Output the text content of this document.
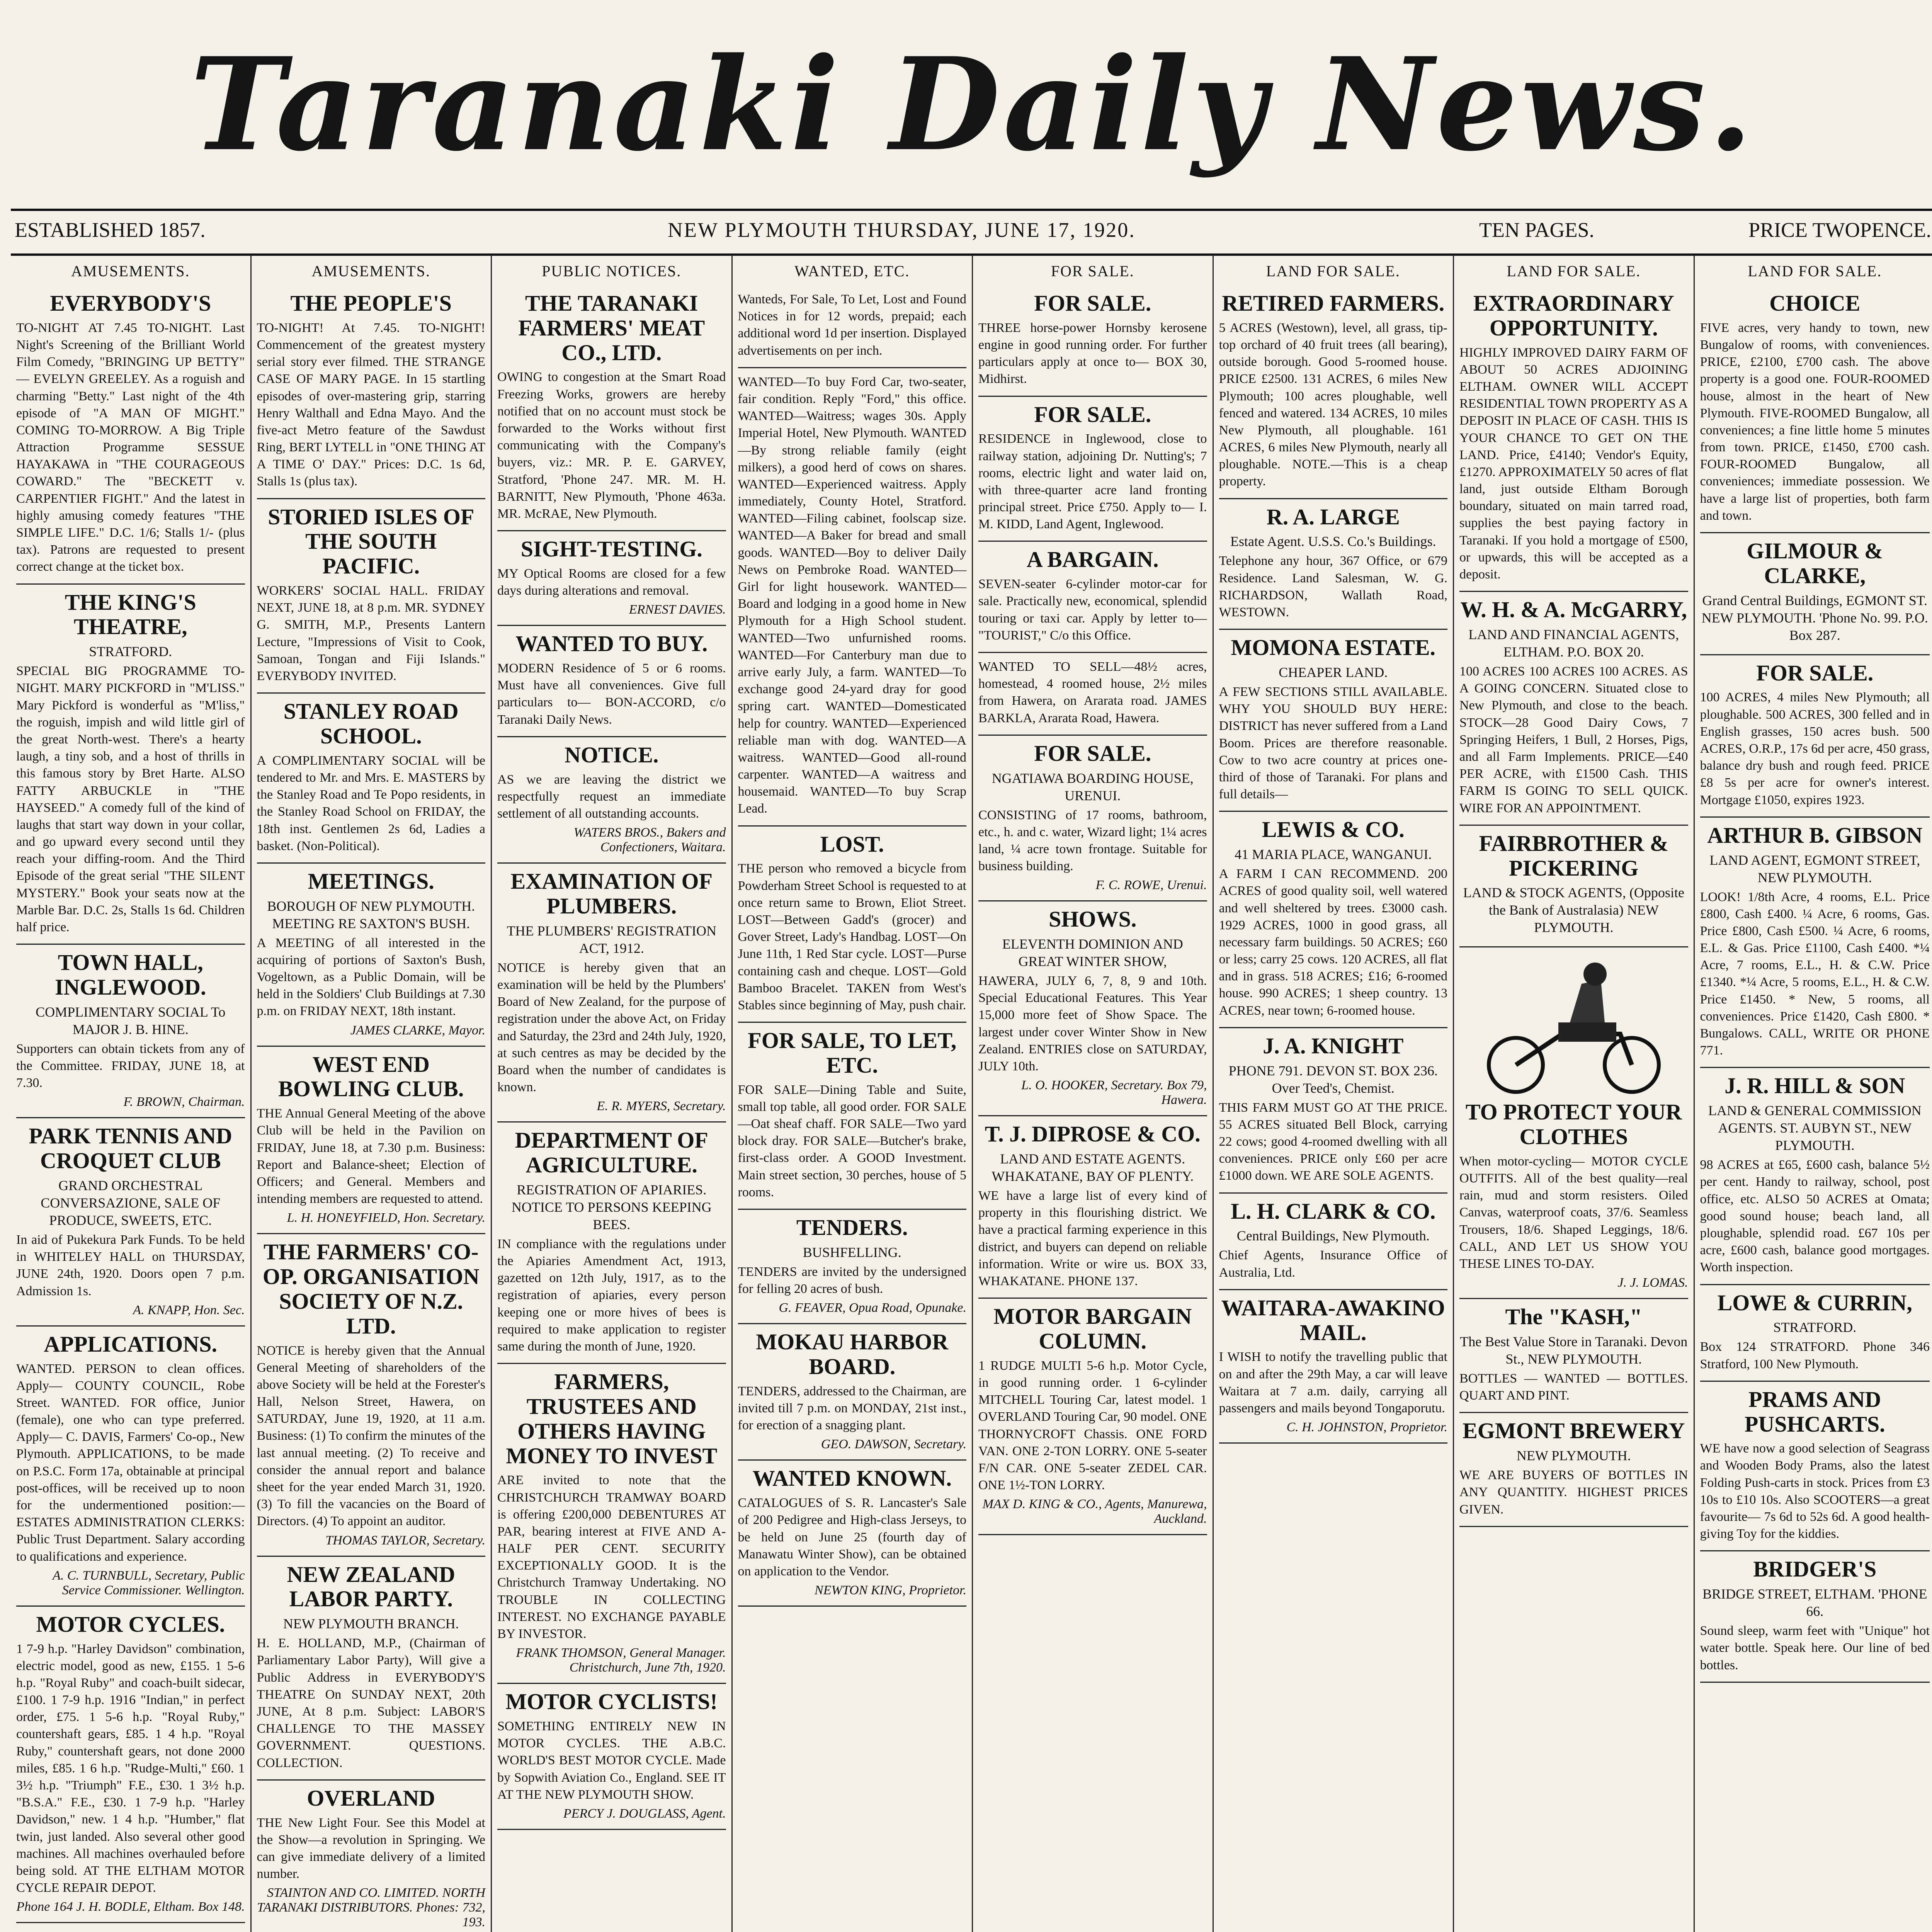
Taranaki Daily News.
ESTABLISHED 1857.	NEW PLYMOUTH THURSDAY, JUNE 17, 1920.	TEN PAGES.	PRICE TWOPENCE.
AMUSEMENTS.
EVERYBODY'S
TO-NIGHT AT 7.45 TO-NIGHT. Last Night's Screening of the Brilliant World Film Comedy, "BRINGING UP BETTY" — EVELYN GREELEY. As a roguish and charming "Betty." Last night of the 4th episode of "A MAN OF MIGHT." COMING TO-MORROW. A Big Triple Attraction Programme SESSUE HAYAKAWA in "THE COURAGEOUS COWARD." The "BECKETT v. CARPENTIER FIGHT." And the latest in highly amusing comedy features "THE SIMPLE LIFE." D.C. 1/6; Stalls 1/- (plus tax). Patrons are requested to present correct change at the ticket box.
THE KING'S THEATRE,
STRATFORD.
SPECIAL BIG PROGRAMME TO-NIGHT. MARY PICKFORD in "M'LISS." Mary Pickford is wonderful as "M'liss," the roguish, impish and wild little girl of the great North-west. There's a hearty laugh, a tiny sob, and a host of thrills in this famous story by Bret Harte. ALSO FATTY ARBUCKLE in "THE HAYSEED." A comedy full of the kind of laughs that start way down in your collar, and go upward every second until they reach your diffing-room. And the Third Episode of the great serial "THE SILENT MYSTERY." Book your seats now at the Marble Bar. D.C. 2s, Stalls 1s 6d. Children half price.
TOWN HALL, INGLEWOOD.
COMPLIMENTARY SOCIAL To MAJOR J. B. HINE.
Supporters can obtain tickets from any of the Committee. FRIDAY, JUNE 18, at 7.30.
F. BROWN, Chairman.
PARK TENNIS AND CROQUET CLUB
GRAND ORCHESTRAL CONVERSAZIONE, SALE OF PRODUCE, SWEETS, ETC.
In aid of Pukekura Park Funds. To be held in WHITELEY HALL on THURSDAY, JUNE 24th, 1920. Doors open 7 p.m. Admission 1s.
A. KNAPP, Hon. Sec.
APPLICATIONS.
WANTED. PERSON to clean offices. Apply— COUNTY COUNCIL, Robe Street. WANTED. FOR office, Junior (female), one who can type preferred. Apply— C. DAVIS, Farmers' Co-op., New Plymouth. APPLICATIONS, to be made on P.S.C. Form 17a, obtainable at principal post-offices, will be received up to noon for the undermentioned position:— ESTATES ADMINISTRATION CLERKS: Public Trust Department. Salary according to qualifications and experience.
A. C. TURNBULL, Secretary, Public Service Commissioner. Wellington.
MOTOR CYCLES.
1 7-9 h.p. "Harley Davidson" combination, electric model, good as new, £155. 1 5-6 h.p. "Royal Ruby" and coach-built sidecar, £100. 1 7-9 h.p. 1916 "Indian," in perfect order, £75. 1 5-6 h.p. "Royal Ruby," countershaft gears, £85. 1 4 h.p. "Royal Ruby," countershaft gears, not done 2000 miles, £85. 1 6 h.p. "Rudge-Multi," £60. 1 3½ h.p. "Triumph" F.E., £30. 1 3½ h.p. "B.S.A." F.E., £30. 1 7-9 h.p. "Harley Davidson," new. 1 4 h.p. "Humber," flat twin, just landed. Also several other good machines. All machines overhauled before being sold. AT THE ELTHAM MOTOR CYCLE REPAIR DEPOT.
Phone 164 J. H. BODLE, Eltham. Box 148.
AMUSEMENTS.
THE PEOPLE'S
TO-NIGHT! At 7.45. TO-NIGHT! Commencement of the greatest mystery serial story ever filmed. THE STRANGE CASE OF MARY PAGE. In 15 startling episodes of over-mastering grip, starring Henry Walthall and Edna Mayo. And the five-act Metro feature of the Sawdust Ring, BERT LYTELL in "ONE THING AT A TIME O' DAY." Prices: D.C. 1s 6d, Stalls 1s (plus tax).
STORIED ISLES OF THE SOUTH PACIFIC.
WORKERS' SOCIAL HALL. FRIDAY NEXT, JUNE 18, at 8 p.m. MR. SYDNEY G. SMITH, M.P., Presents Lantern Lecture, "Impressions of Visit to Cook, Samoan, Tongan and Fiji Islands." EVERYBODY INVITED.
STANLEY ROAD SCHOOL.
A COMPLIMENTARY SOCIAL will be tendered to Mr. and Mrs. E. MASTERS by the Stanley Road and Te Popo residents, in the Stanley Road School on FRIDAY, the 18th inst. Gentlemen 2s 6d, Ladies a basket. (Non-Political).
MEETINGS.
BOROUGH OF NEW PLYMOUTH. MEETING RE SAXTON'S BUSH.
A MEETING of all interested in the acquiring of portions of Saxton's Bush, Vogeltown, as a Public Domain, will be held in the Soldiers' Club Buildings at 7.30 p.m. on FRIDAY NEXT, 18th instant.
JAMES CLARKE, Mayor.
WEST END BOWLING CLUB.
THE Annual General Meeting of the above Club will be held in the Pavilion on FRIDAY, June 18, at 7.30 p.m. Business: Report and Balance-sheet; Election of Officers; and General. Members and intending members are requested to attend.
L. H. HONEYFIELD, Hon. Secretary.
THE FARMERS' CO-OP. ORGANISATION SOCIETY OF N.Z. LTD.
NOTICE is hereby given that the Annual General Meeting of shareholders of the above Society will be held at the Forester's Hall, Nelson Street, Hawera, on SATURDAY, June 19, 1920, at 11 a.m. Business: (1) To confirm the minutes of the last annual meeting. (2) To receive and consider the annual report and balance sheet for the year ended March 31, 1920. (3) To fill the vacancies on the Board of Directors. (4) To appoint an auditor.
THOMAS TAYLOR, Secretary.
NEW ZEALAND LABOR PARTY.
NEW PLYMOUTH BRANCH.
H. E. HOLLAND, M.P., (Chairman of Parliamentary Labor Party), Will give a Public Address in EVERYBODY'S THEATRE On SUNDAY NEXT, 20th JUNE, At 8 p.m. Subject: LABOR'S CHALLENGE TO THE MASSEY GOVERNMENT. QUESTIONS. COLLECTION.
OVERLAND
THE New Light Four. See this Model at the Show—a revolution in Springing. We can give immediate delivery of a limited number.
STAINTON AND CO. LIMITED. NORTH TARANAKI DISTRIBUTORS. Phones: 732, 193.
PUBLIC NOTICES.
THE TARANAKI FARMERS' MEAT CO., LTD.
OWING to congestion at the Smart Road Freezing Works, growers are hereby notified that on no account must stock be forwarded to the Works without first communicating with the Company's buyers, viz.: MR. P. E. GARVEY, Stratford, 'Phone 247. MR. M. H. BARNITT, New Plymouth, 'Phone 463a. MR. McRAE, New Plymouth.
SIGHT-TESTING.
MY Optical Rooms are closed for a few days during alterations and removal.
ERNEST DAVIES.
WANTED TO BUY.
MODERN Residence of 5 or 6 rooms. Must have all conveniences. Give full particulars to— BON-ACCORD, c/o Taranaki Daily News.
NOTICE.
AS we are leaving the district we respectfully request an immediate settlement of all outstanding accounts.
WATERS BROS., Bakers and Confectioners, Waitara.
EXAMINATION OF PLUMBERS.
THE PLUMBERS' REGISTRATION ACT, 1912.
NOTICE is hereby given that an examination will be held by the Plumbers' Board of New Zealand, for the purpose of registration under the above Act, on Friday and Saturday, the 23rd and 24th July, 1920, at such centres as may be decided by the Board when the number of candidates is known.
E. R. MYERS, Secretary.
DEPARTMENT OF AGRICULTURE.
REGISTRATION OF APIARIES. NOTICE TO PERSONS KEEPING BEES.
IN compliance with the regulations under the Apiaries Amendment Act, 1913, gazetted on 12th July, 1917, as to the registration of apiaries, every person keeping one or more hives of bees is required to make application to register same during the month of June, 1920.
FARMERS, TRUSTEES AND OTHERS HAVING MONEY TO INVEST
ARE invited to note that the CHRISTCHURCH TRAMWAY BOARD is offering £200,000 DEBENTURES AT PAR, bearing interest at FIVE AND A-HALF PER CENT. SECURITY EXCEPTIONALLY GOOD. It is the Christchurch Tramway Undertaking. NO TROUBLE IN COLLECTING INTEREST. NO EXCHANGE PAYABLE BY INVESTOR.
FRANK THOMSON, General Manager. Christchurch, June 7th, 1920.
MOTOR CYCLISTS!
SOMETHING ENTIRELY NEW IN MOTOR CYCLES. THE A.B.C. WORLD'S BEST MOTOR CYCLE. Made by Sopwith Aviation Co., England. SEE IT AT THE NEW PLYMOUTH SHOW.
PERCY J. DOUGLASS, Agent.
WANTED, ETC.
Wanteds, For Sale, To Let, Lost and Found Notices in for 12 words, prepaid; each additional word 1d per insertion. Displayed advertisements on per inch.
WANTED—To buy Ford Car, two-seater, fair condition. Reply "Ford," this office. WANTED—Waitress; wages 30s. Apply Imperial Hotel, New Plymouth. WANTED—By strong reliable family (eight milkers), a good herd of cows on shares. WANTED—Experienced waitress. Apply immediately, County Hotel, Stratford. WANTED—Filing cabinet, foolscap size. WANTED—A Baker for bread and small goods. WANTED—Boy to deliver Daily News on Pembroke Road. WANTED—Girl for light housework. WANTED—Board and lodging in a good home in New Plymouth for a High School student. WANTED—Two unfurnished rooms. WANTED—For Canterbury man due to arrive early July, a farm. WANTED—To exchange good 24-yard dray for good spring cart. WANTED—Domesticated help for country. WANTED—Experienced reliable man with dog. WANTED—A waitress. WANTED—Good all-round carpenter. WANTED—A waitress and housemaid. WANTED—To buy Scrap Lead.
LOST.
THE person who removed a bicycle from Powderham Street School is requested to at once return same to Brown, Eliot Street. LOST—Between Gadd's (grocer) and Gover Street, Lady's Handbag. LOST—On June 11th, 1 Red Star cycle. LOST—Purse containing cash and cheque. LOST—Gold Bamboo Bracelet. TAKEN from West's Stables since beginning of May, push chair.
FOR SALE, TO LET, ETC.
FOR SALE—Dining Table and Suite, small top table, all good order. FOR SALE—Oat sheaf chaff. FOR SALE—Two yard block dray. FOR SALE—Butcher's brake, first-class order. A GOOD Investment. Main street section, 30 perches, house of 5 rooms.
TENDERS.
BUSHFELLING.
TENDERS are invited by the undersigned for felling 20 acres of bush.
G. FEAVER, Opua Road, Opunake.
MOKAU HARBOR BOARD.
TENDERS, addressed to the Chairman, are invited till 7 p.m. on MONDAY, 21st inst., for erection of a snagging plant.
GEO. DAWSON, Secretary.
WANTED KNOWN.
CATALOGUES of S. R. Lancaster's Sale of 200 Pedigree and High-class Jerseys, to be held on June 25 (fourth day of Manawatu Winter Show), can be obtained on application to the Vendor.
NEWTON KING, Proprietor.
FOR SALE.
FOR SALE.
THREE horse-power Hornsby kerosene engine in good running order. For further particulars apply at once to— BOX 30, Midhirst.
FOR SALE.
RESIDENCE in Inglewood, close to railway station, adjoining Dr. Nutting's; 7 rooms, electric light and water laid on, with three-quarter acre land fronting principal street. Price £750. Apply to— I. M. KIDD, Land Agent, Inglewood.
A BARGAIN.
SEVEN-seater 6-cylinder motor-car for sale. Practically new, economical, splendid touring or taxi car. Apply by letter to— "TOURIST," C/o this Office.
WANTED TO SELL—48½ acres, homestead, 4 roomed house, 2½ miles from Hawera, on Ararata road. JAMES BARKLA, Ararata Road, Hawera.
FOR SALE.
NGATIAWA BOARDING HOUSE, URENUI.
CONSISTING of 17 rooms, bathroom, etc., h. and c. water, Wizard light; 1¼ acres land, ¼ acre town frontage. Suitable for business building.
F. C. ROWE, Urenui.
SHOWS.
ELEVENTH DOMINION AND GREAT WINTER SHOW,
HAWERA, JULY 6, 7, 8, 9 and 10th. Special Educational Features. This Year 15,000 more feet of Show Space. The largest under cover Winter Show in New Zealand. ENTRIES close on SATURDAY, JULY 10th.
L. O. HOOKER, Secretary. Box 79, Hawera.
T. J. DIPROSE & CO.
LAND AND ESTATE AGENTS. WHAKATANE, BAY OF PLENTY.
WE have a large list of every kind of property in this flourishing district. We have a practical farming experience in this district, and buyers can depend on reliable information. Write or wire us. BOX 33, WHAKATANE. PHONE 137.
MOTOR BARGAIN COLUMN.
1 RUDGE MULTI 5-6 h.p. Motor Cycle, in good running order. 1 6-cylinder MITCHELL Touring Car, latest model. 1 OVERLAND Touring Car, 90 model. ONE THORNYCROFT Chassis. ONE FORD VAN. ONE 2-TON LORRY. ONE 5-seater F/N CAR. ONE 5-seater ZEDEL CAR. ONE 1½-TON LORRY.
MAX D. KING & CO., Agents, Manurewa, Auckland.
LAND FOR SALE.
RETIRED FARMERS.
5 ACRES (Westown), level, all grass, tip-top orchard of 40 fruit trees (all bearing), outside borough. Good 5-roomed house. PRICE £2500. 131 ACRES, 6 miles New Plymouth; 100 acres ploughable, well fenced and watered. 134 ACRES, 10 miles New Plymouth, all ploughable. 161 ACRES, 6 miles New Plymouth, nearly all ploughable. NOTE.—This is a cheap property.
R. A. LARGE
Estate Agent. U.S.S. Co.'s Buildings.
Telephone any hour, 367 Office, or 679 Residence. Land Salesman, W. G. RICHARDSON, Wallath Road, WESTOWN.
MOMONA ESTATE.
CHEAPER LAND.
A FEW SECTIONS STILL AVAILABLE. WHY YOU SHOULD BUY HERE: DISTRICT has never suffered from a Land Boom. Prices are therefore reasonable. Cow to two acre country at prices one-third of those of Taranaki. For plans and full details—
LEWIS & CO.
41 MARIA PLACE, WANGANUI.
A FARM I CAN RECOMMEND. 200 ACRES of good quality soil, well watered and well sheltered by trees. £3000 cash. 1929 ACRES, 1000 in good grass, all necessary farm buildings. 50 ACRES; £60 or less; carry 25 cows. 120 ACRES, all flat and in grass. 518 ACRES; £16; 6-roomed house. 990 ACRES; 1 sheep country. 13 ACRES, near town; 6-roomed house.
J. A. KNIGHT
PHONE 791. DEVON ST. BOX 236. Over Teed's, Chemist.
THIS FARM MUST GO AT THE PRICE. 55 ACRES situated Bell Block, carrying 22 cows; good 4-roomed dwelling with all conveniences. PRICE only £60 per acre £1000 down. WE ARE SOLE AGENTS.
L. H. CLARK & CO.
Central Buildings, New Plymouth.
Chief Agents, Insurance Office of Australia, Ltd.
WAITARA-AWAKINO MAIL.
I WISH to notify the travelling public that on and after the 29th May, a car will leave Waitara at 7 a.m. daily, carrying all passengers and mails beyond Tongaporutu.
C. H. JOHNSTON, Proprietor.
LAND FOR SALE.
EXTRAORDINARY OPPORTUNITY.
HIGHLY IMPROVED DAIRY FARM OF ABOUT 50 ACRES ADJOINING ELTHAM. OWNER WILL ACCEPT RESIDENTIAL TOWN PROPERTY AS A DEPOSIT IN PLACE OF CASH. THIS IS YOUR CHANCE TO GET ON THE LAND. Price, £4140; Vendor's Equity, £1270. APPROXIMATELY 50 acres of flat land, just outside Eltham Borough boundary, situated on main tarred road, supplies the best paying factory in Taranaki. If you hold a mortgage of £500, or upwards, this will be accepted as a deposit.
W. H. & A. McGARRY,
LAND AND FINANCIAL AGENTS, ELTHAM. P.O. BOX 20.
100 ACRES 100 ACRES 100 ACRES. AS A GOING CONCERN. Situated close to New Plymouth, and close to the beach. STOCK—28 Good Dairy Cows, 7 Springing Heifers, 1 Bull, 2 Horses, Pigs, and all Farm Implements. PRICE—£40 PER ACRE, with £1500 Cash. THIS FARM IS GOING TO SELL QUICK. WIRE FOR AN APPOINTMENT.
FAIRBROTHER & PICKERING
LAND & STOCK AGENTS, (Opposite the Bank of Australasia) NEW PLYMOUTH.
TO PROTECT YOUR CLOTHES
When motor-cycling— MOTOR CYCLE OUTFITS. All of the best quality—real rain, mud and storm resisters. Oiled Canvas, waterproof coats, 37/6. Seamless Trousers, 18/6. Shaped Leggings, 18/6. CALL, AND LET US SHOW YOU THESE LINES TO-DAY.
J. J. LOMAS.
The "KASH,"
The Best Value Store in Taranaki. Devon St., NEW PLYMOUTH.
BOTTLES — WANTED — BOTTLES. QUART AND PINT.
EGMONT BREWERY
NEW PLYMOUTH.
WE ARE BUYERS OF BOTTLES IN ANY QUANTITY. HIGHEST PRICES GIVEN.
LAND FOR SALE.
CHOICE
FIVE acres, very handy to town, new Bungalow of rooms, with conveniences. PRICE, £2100, £700 cash. The above property is a good one. FOUR-ROOMED house, almost in the heart of New Plymouth. FIVE-ROOMED Bungalow, all conveniences; a fine little home 5 minutes from town. PRICE, £1450, £700 cash. FOUR-ROOMED Bungalow, all conveniences; immediate possession. We have a large list of properties, both farm and town.
GILMOUR & CLARKE,
Grand Central Buildings, EGMONT ST. NEW PLYMOUTH. 'Phone No. 99. P.O. Box 287.
FOR SALE.
100 ACRES, 4 miles New Plymouth; all ploughable. 500 ACRES, 300 felled and in English grasses, 150 acres bush. 500 ACRES, O.R.P., 17s 6d per acre, 450 grass, balance dry bush and rough feed. PRICE £8 5s per acre for owner's interest. Mortgage £1050, expires 1923.
ARTHUR B. GIBSON
LAND AGENT, EGMONT STREET, NEW PLYMOUTH.
LOOK! 1/8th Acre, 4 rooms, E.L. Price £800, Cash £400. ¼ Acre, 6 rooms, Gas. Price £800, Cash £500. ¼ Acre, 6 rooms, E.L. & Gas. Price £1100, Cash £400. *¼ Acre, 7 rooms, E.L., H. & C.W. Price £1340. *¼ Acre, 5 rooms, E.L., H. & C.W. Price £1450. * New, 5 rooms, all conveniences. Price £1420, Cash £800. * Bungalows. CALL, WRITE OR PHONE 771.
J. R. HILL & SON
LAND & GENERAL COMMISSION AGENTS. ST. AUBYN ST., NEW PLYMOUTH.
98 ACRES at £65, £600 cash, balance 5½ per cent. Handy to railway, school, post office, etc. ALSO 50 ACRES at Omata; good sound house; beach land, all ploughable, splendid road. £67 10s per acre, £600 cash, balance good mortgages. Worth inspection.
LOWE & CURRIN,
STRATFORD.
Box 124 STRATFORD. Phone 346 Stratford, 100 New Plymouth.
PRAMS AND PUSHCARTS.
WE have now a good selection of Seagrass and Wooden Body Prams, also the latest Folding Push-carts in stock. Prices from £3 10s to £10 10s. Also SCOOTERS—a great favourite— 7s 6d to 52s 6d. A good health-giving Toy for the kiddies.
BRIDGER'S
BRIDGE STREET, ELTHAM. 'PHONE 66.
Sound sleep, warm feet with "Unique" hot water bottle. Speak here. Our line of bed bottles.
